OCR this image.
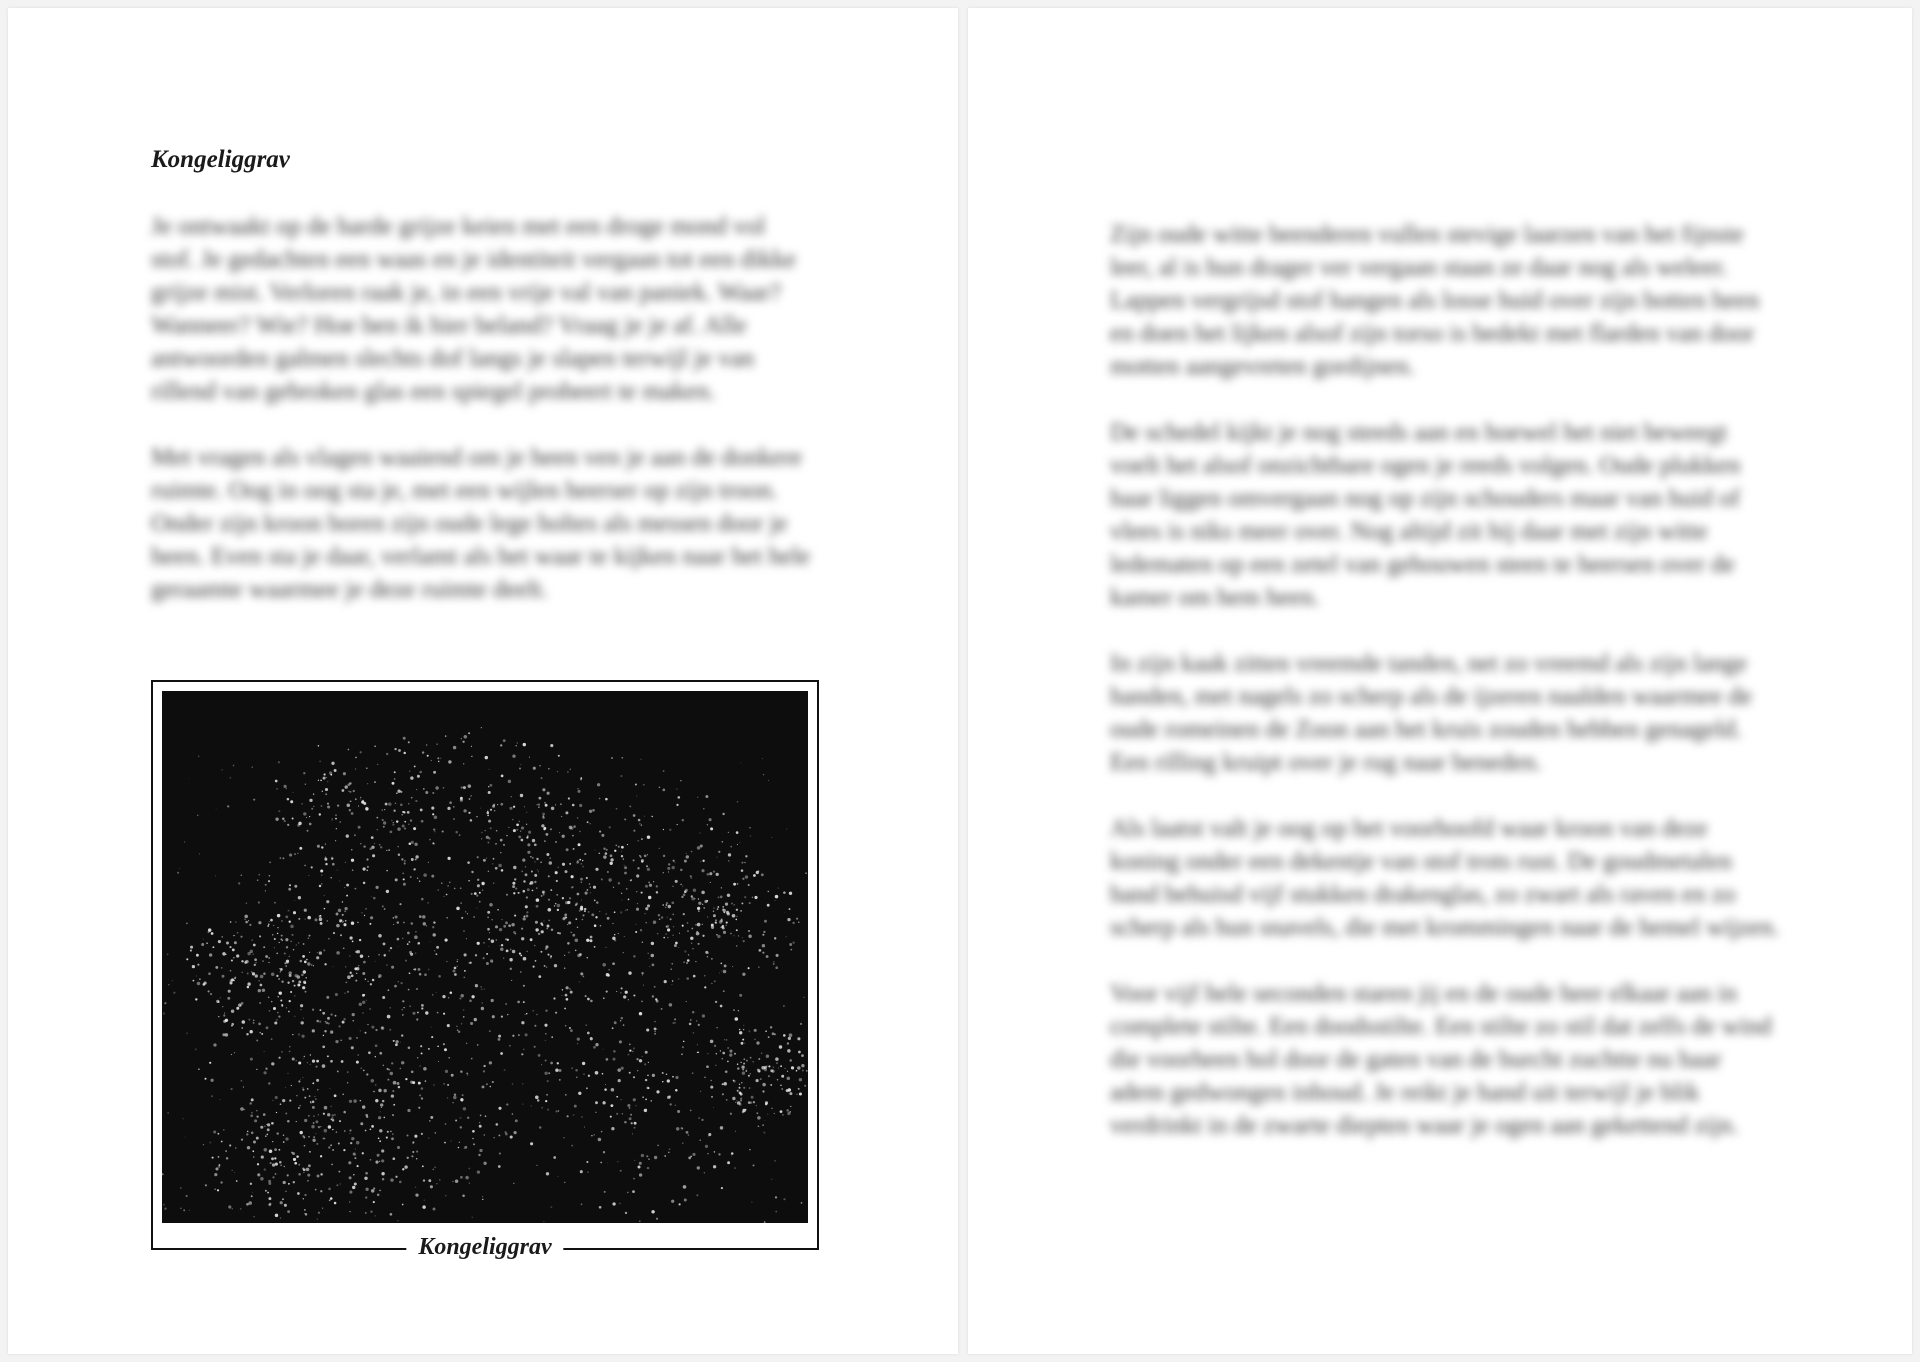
Kongeliggrav

Je ontwaakt op de harde grijze keien met een droge mond vol stof. Je gedachten een waas en je identiteit vergaan tot een dikke grijze mist. Verloren raak je, in een vrije val van paniek. Waar? Wanneer? Wie? Hoe ben ik hier beland? Vraag je je af. Alle antwoorden galmen slechts dof langs je slapen terwijl je van rillend van gebroken glas een spiegel probeert te maken.

Met vragen als vlagen waaiend om je heen ven je aan de donkere ruimte. Oog in oog sta je, met een wijlen heerser op zijn troon. Onder zijn kroon boren zijn oude lege holtes als messen door je heen. Even sta je daar, verlamt als het waar te kijken naar het hele geraamte waarmee je deze ruimte deelt.

Kongeliggrav

Zijn oude witte beenderen vullen stevige laarzen van het fijnste leer, al is hun drager ver vergaan staan ze daar nog als weleer. Lappen vergrijsd stof hangen als losse huid over zijn botten heen en doen het lijken alsof zijn torso is bedekt met flarden van door motten aangevreten gordijnen.

De schedel kijkt je nog steeds aan en hoewel het niet beweegt voelt het alsof onzichtbare ogen je reeds volgen. Oude plukken haar liggen omvergaan nog op zijn schouders maar van huid of vlees is niks meer over. Nog altijd zit hij daar met zijn witte ledematen op een zetel van gehouwen steen te heersen over de kamer om hem heen.

In zijn kaak zitten vreemde tanden, net zo vreemd als zijn lange handen, met nagels zo scherp als de ijzeren naalden waarmee de oude romeinen de Zoon aan het kruis zouden hebben genageld. Een rilling kruipt over je rug naar beneden.

Als laatst valt je oog op het voorhoofd waar kroon van deze koning onder een dekentje van stof trots rust. De goudmetalen band behuisd vijf stukken drakenglas, zo zwart als raven en zo scherp als hun snavels, die met krommingen naar de hemel wijzen.

Voor vijf hele seconden staren jij en de oude heer elkaar aan in complete stilte. Een doodsstilte. Een stilte zo stil dat zelfs de wind die voorheen hol door de gaten van de burcht zuchtte nu haar adem gedwongen inhoud. Je reikt je hand uit terwijl je blik verdrinkt in de zwarte diepten waar je ogen aan gekettend zijn.
